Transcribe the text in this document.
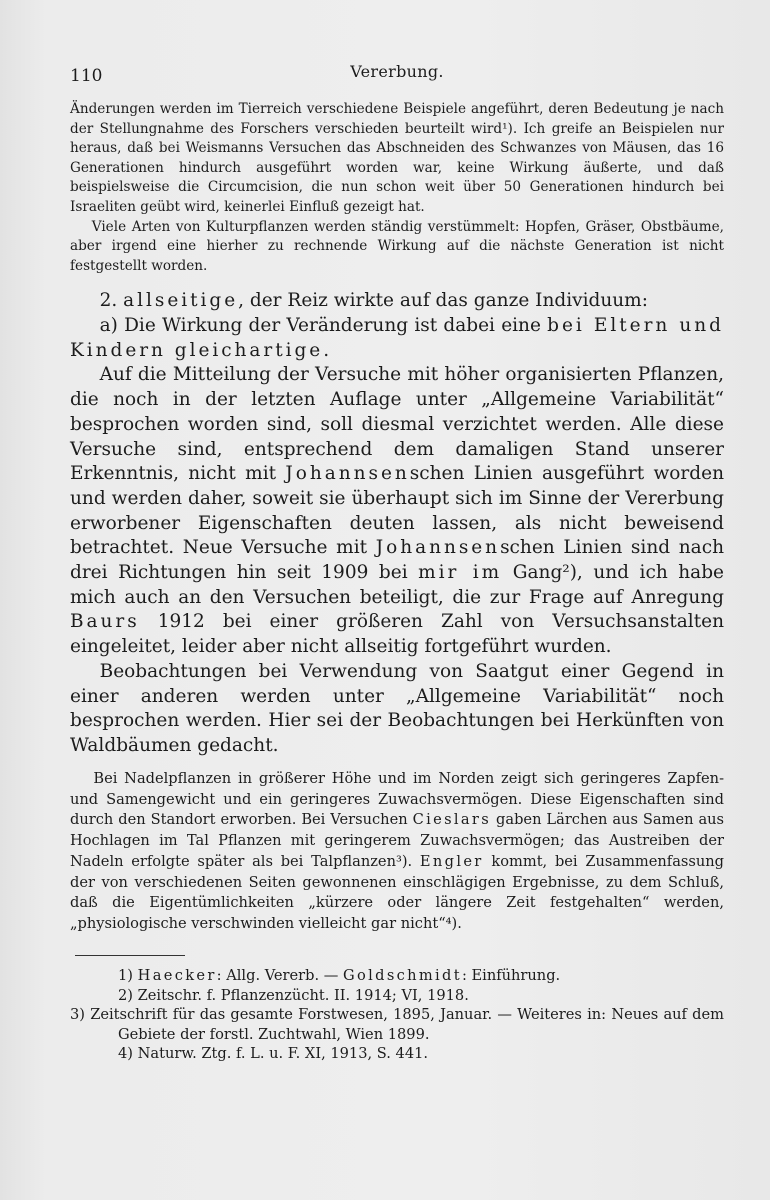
110	Vererbung.

Änderungen werden im Tierreich verschiedene Beispiele angeführt, deren Bedeutung je nach der Stellungnahme des Forschers verschieden beurteilt wird¹). Ich greife an Beispielen nur heraus, daß bei Weismanns Versuchen das Abschneiden des Schwanzes von Mäusen, das 16 Generationen hindurch ausgeführt worden war, keine Wirkung äußerte, und daß beispielsweise die Circumcision, die nun schon weit über 50 Generationen hindurch bei Israeliten geübt wird, keinerlei Einfluß gezeigt hat.

Viele Arten von Kulturpflanzen werden ständig verstümmelt: Hopfen, Gräser, Obstbäume, aber irgend eine hierher zu rechnende Wirkung auf die nächste Generation ist nicht festgestellt worden.

2. allseitige, der Reiz wirkte auf das ganze Individuum:

a) Die Wirkung der Veränderung ist dabei eine bei Eltern und Kindern gleichartige.

Auf die Mitteilung der Versuche mit höher organisierten Pflanzen, die noch in der letzten Auflage unter „Allgemeine Variabilität“ besprochen worden sind, soll diesmal verzichtet werden. Alle diese Versuche sind, entsprechend dem damaligen Stand unserer Erkenntnis, nicht mit Johannsenschen Linien ausgeführt worden und werden daher, soweit sie überhaupt sich im Sinne der Vererbung erworbener Eigenschaften deuten lassen, als nicht beweisend betrachtet. Neue Versuche mit Johannsenschen Linien sind nach drei Richtungen hin seit 1909 bei mir im Gang²), und ich habe mich auch an den Versuchen beteiligt, die zur Frage auf Anregung Baurs 1912 bei einer größeren Zahl von Versuchsanstalten eingeleitet, leider aber nicht allseitig fortgeführt wurden.

Beobachtungen bei Verwendung von Saatgut einer Gegend in einer anderen werden unter „Allgemeine Variabilität“ noch besprochen werden. Hier sei der Beobachtungen bei Herkünften von Waldbäumen gedacht.

Bei Nadelpflanzen in größerer Höhe und im Norden zeigt sich geringeres Zapfen- und Samengewicht und ein geringeres Zuwachsvermögen. Diese Eigenschaften sind durch den Standort erworben. Bei Versuchen Cieslars gaben Lärchen aus Samen aus Hochlagen im Tal Pflanzen mit geringerem Zuwachsvermögen; das Austreiben der Nadeln erfolgte später als bei Talpflanzen³). Engler kommt, bei Zusammenfassung der von verschiedenen Seiten gewonnenen einschlägigen Ergebnisse, zu dem Schluß, daß die Eigentümlichkeiten „kürzere oder längere Zeit festgehalten“ werden, „physiologische verschwinden vielleicht gar nicht“⁴).

1) Haecker: Allg. Vererb. — Goldschmidt: Einführung.

2) Zeitschr. f. Pflanzenzücht. II. 1914; VI, 1918.

3) Zeitschrift für das gesamte Forstwesen, 1895, Januar. — Weiteres in: Neues auf dem Gebiete der forstl. Zuchtwahl, Wien 1899.

4) Naturw. Ztg. f. L. u. F. XI, 1913, S. 441.
